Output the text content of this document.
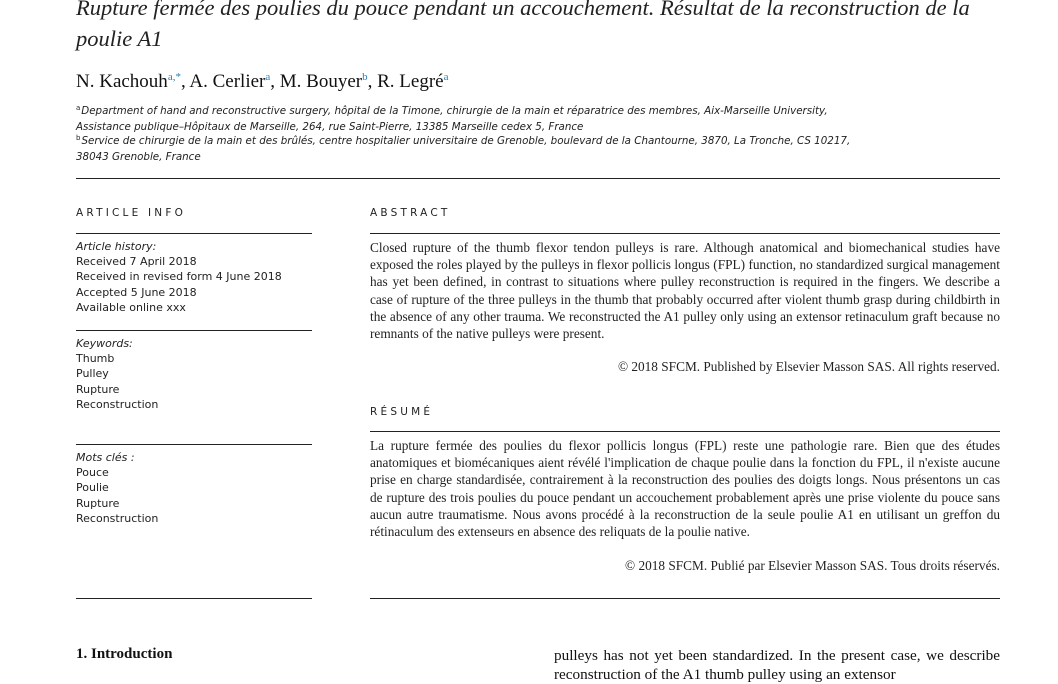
Rupture fermée des poulies du pouce pendant un accouchement. Résultat de la reconstruction de la poulie A1
N. Kachouh$^{a,*}$, A. Cerlier$^a$, M. Bouyer$^b$, R. Legré$^a$
$^a$Department of hand and reconstructive surgery, hôpital de la Timone, chirurgie de la main et réparatrice des membres, Aix-Marseille University, Assistance publique–Hôpitaux de Marseille, 264, rue Saint-Pierre, 13385 Marseille cedex 5, France
$^b$Service de chirurgie de la main et des brûlés, centre hospitalier universitaire de Grenoble, boulevard de la Chantourne, 3870, La Tronche, CS 10217, 38043 Grenoble, France
ARTICLE INFO
Article history:
Received 7 April 2018
Received in revised form 4 June 2018
Accepted 5 June 2018
Available online xxx
Keywords:
Thumb
Pulley
Rupture
Reconstruction
Mots clés :
Pouce
Poulie
Rupture
Reconstruction
ABSTRACT
Closed rupture of the thumb flexor tendon pulleys is rare. Although anatomical and biomechanical studies have exposed the roles played by the pulleys in flexor pollicis longus (FPL) function, no standardized surgical management has yet been defined, in contrast to situations where pulley reconstruction is required in the fingers. We describe a case of rupture of the three pulleys in the thumb that probably occurred after violent thumb grasp during childbirth in the absence of any other trauma. We reconstructed the A1 pulley only using an extensor retinaculum graft because no remnants of the native pulleys were present.
© 2018 SFCM. Published by Elsevier Masson SAS. All rights reserved.
RÉSUMÉ
La rupture fermée des poulies du flexor pollicis longus (FPL) reste une pathologie rare. Bien que des études anatomiques et biomécaniques aient révélé l'implication de chaque poulie dans la fonction du FPL, il n'existe aucune prise en charge standardisée, contrairement à la reconstruction des poulies des doigts longs. Nous présentons un cas de rupture des trois poulies du pouce pendant un accouchement probablement après une prise violente du pouce sans aucun autre traumatisme. Nous avons procédé à la reconstruction de la seule poulie A1 en utilisant un greffon du rétinaculum des extenseurs en absence des reliquats de la poulie native.
© 2018 SFCM. Publié par Elsevier Masson SAS. Tous droits réservés.
1. Introduction	pulleys has not yet been standardized. In the present case, we describe reconstruction of the A1 thumb pulley using an extensor
